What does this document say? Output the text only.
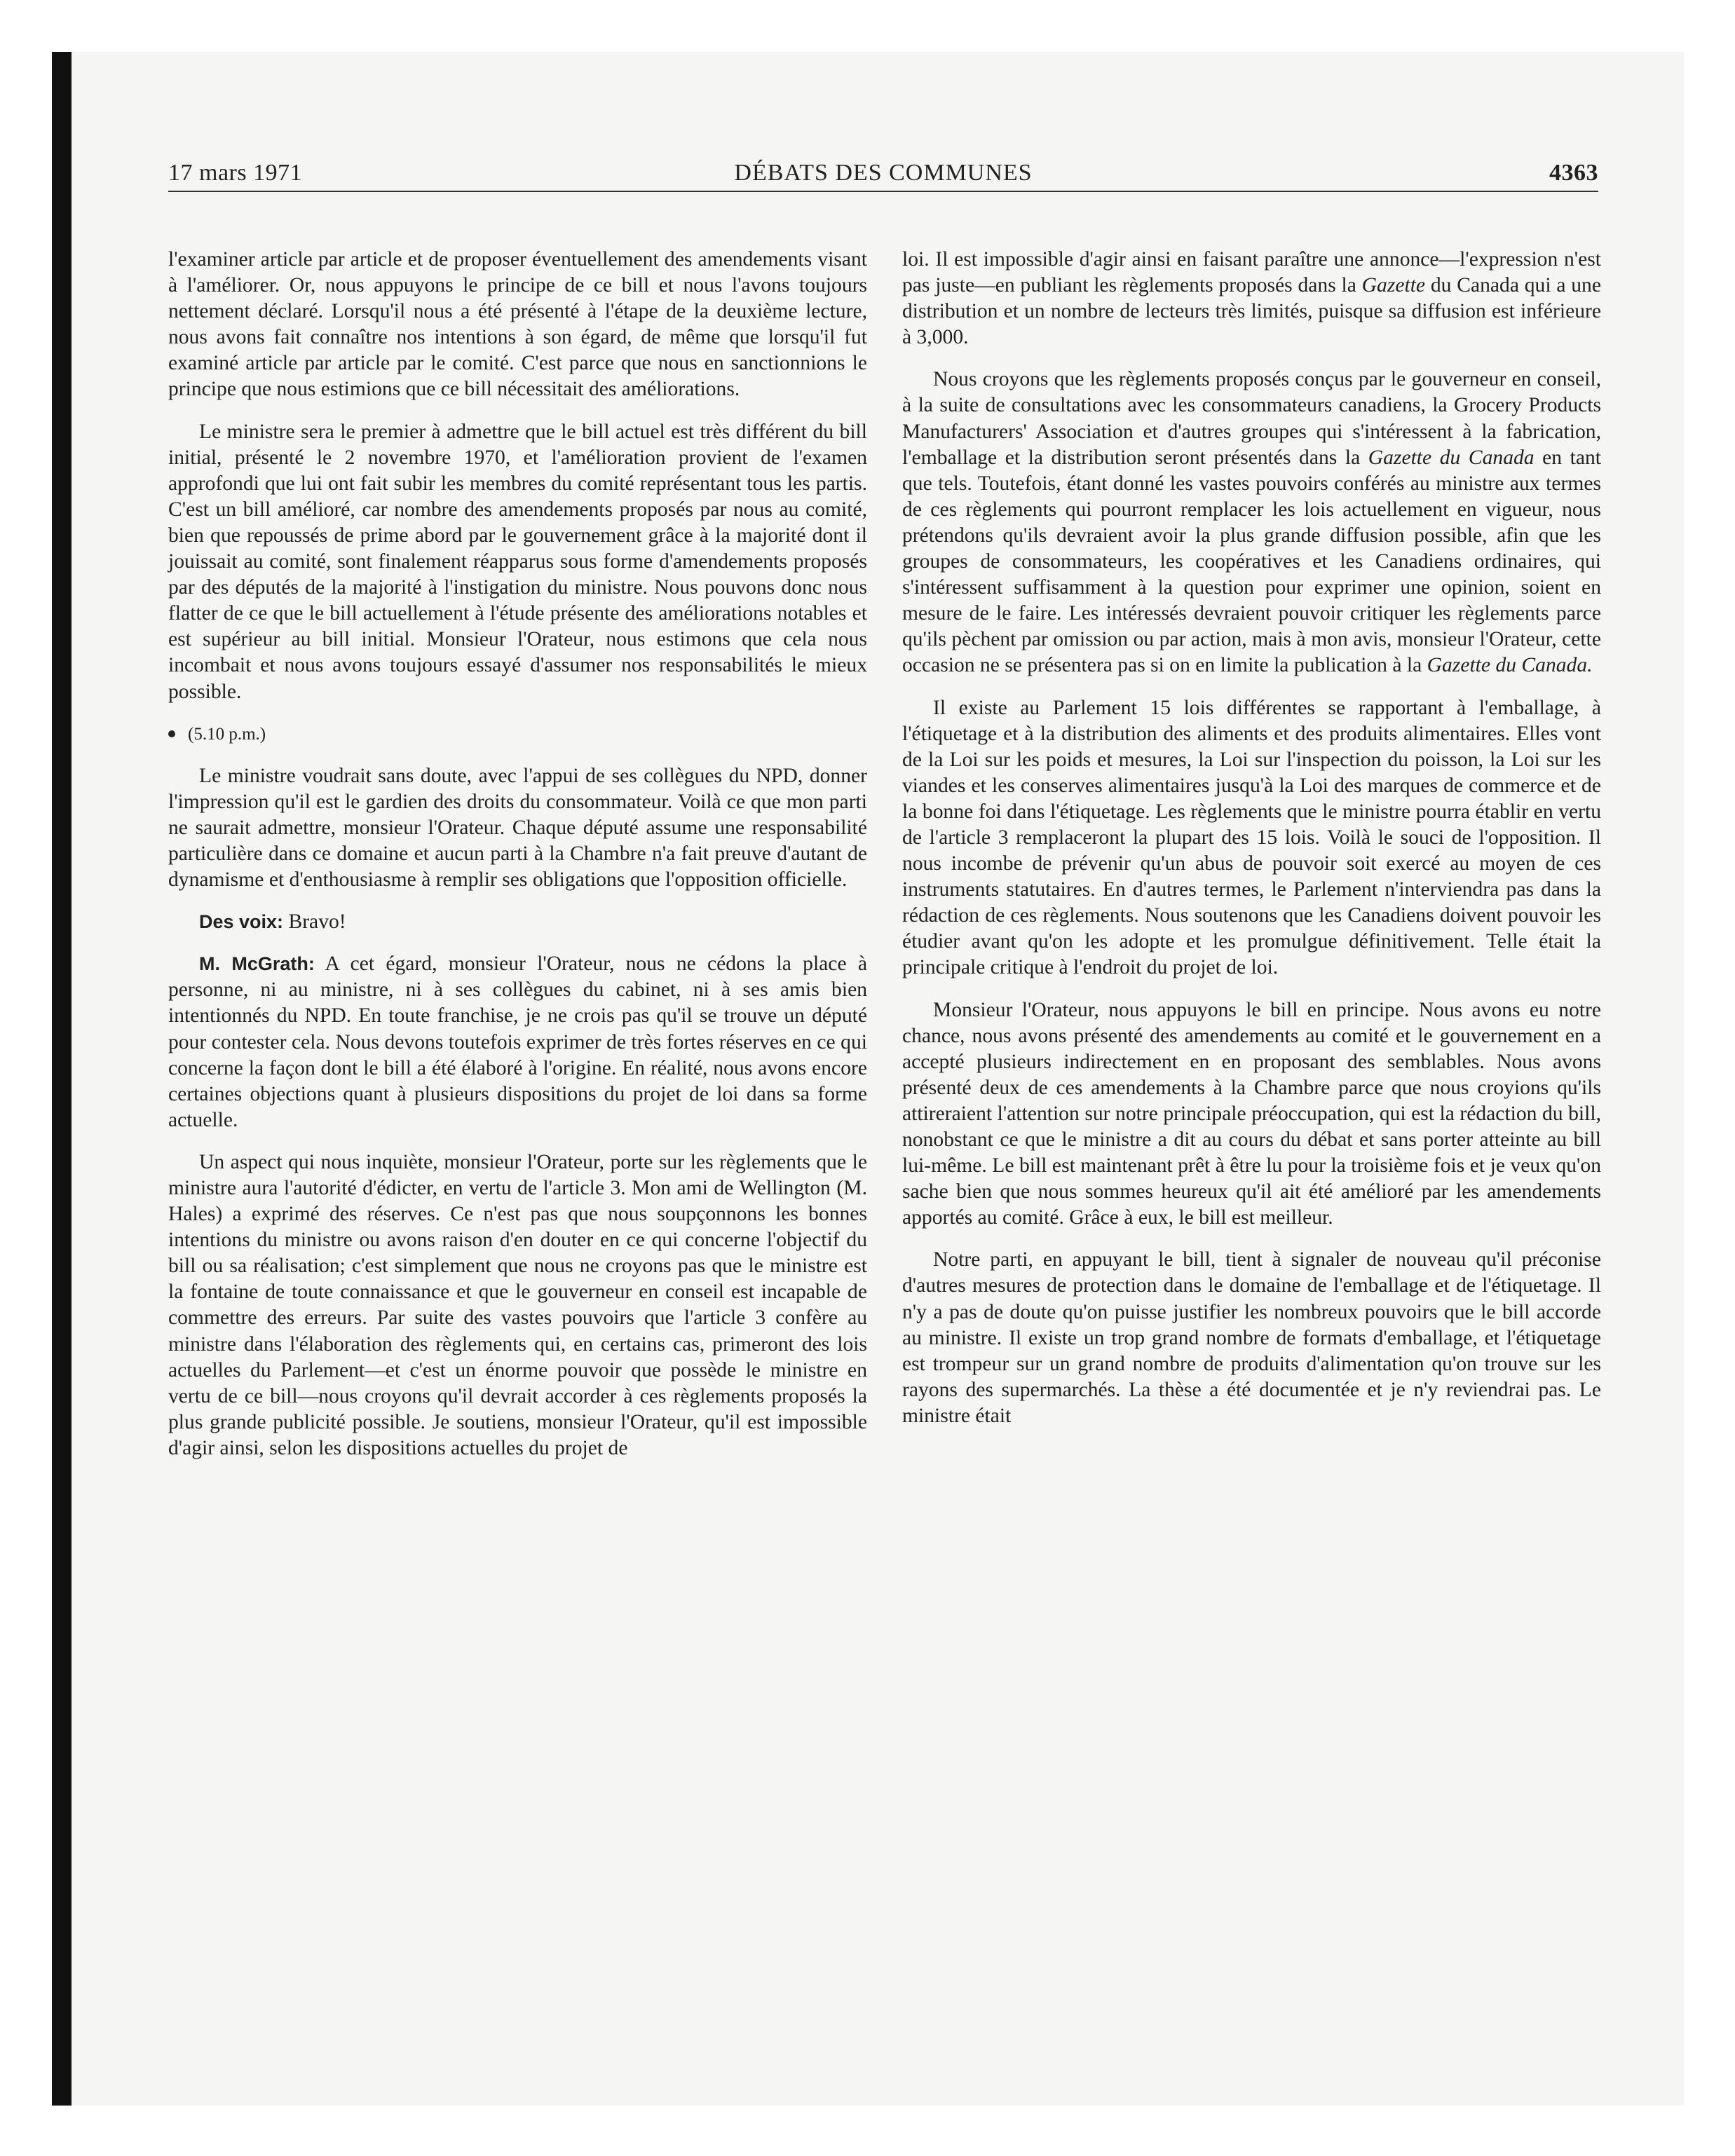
17 mars 1971	DÉBATS DES COMMUNES	4363

l'examiner article par article et de proposer éventuellement des amendements visant à l'améliorer. Or, nous appuyons le principe de ce bill et nous l'avons toujours nettement déclaré. Lorsqu'il nous a été présenté à l'étape de la deuxième lecture, nous avons fait connaître nos intentions à son égard, de même que lorsqu'il fut examiné article par article par le comité. C'est parce que nous en sanctionnions le principe que nous estimions que ce bill nécessitait des améliorations.

Le ministre sera le premier à admettre que le bill actuel est très différent du bill initial, présenté le 2 novembre 1970, et l'amélioration provient de l'examen approfondi que lui ont fait subir les membres du comité représentant tous les partis. C'est un bill amélioré, car nombre des amendements proposés par nous au comité, bien que repoussés de prime abord par le gouvernement grâce à la majorité dont il jouissait au comité, sont finalement réapparus sous forme d'amendements proposés par des députés de la majorité à l'instigation du ministre. Nous pouvons donc nous flatter de ce que le bill actuellement à l'étude présente des améliorations notables et est supérieur au bill initial. Monsieur l'Orateur, nous estimons que cela nous incombait et nous avons toujours essayé d'assumer nos responsabilités le mieux possible.

(5.10 p.m.)

Le ministre voudrait sans doute, avec l'appui de ses collègues du NPD, donner l'impression qu'il est le gardien des droits du consommateur. Voilà ce que mon parti ne saurait admettre, monsieur l'Orateur. Chaque député assume une responsabilité particulière dans ce domaine et aucun parti à la Chambre n'a fait preuve d'autant de dynamisme et d'enthousiasme à remplir ses obligations que l'opposition officielle.

Des voix: Bravo!

M. McGrath: A cet égard, monsieur l'Orateur, nous ne cédons la place à personne, ni au ministre, ni à ses collègues du cabinet, ni à ses amis bien intentionnés du NPD. En toute franchise, je ne crois pas qu'il se trouve un député pour contester cela. Nous devons toutefois exprimer de très fortes réserves en ce qui concerne la façon dont le bill a été élaboré à l'origine. En réalité, nous avons encore certaines objections quant à plusieurs dispositions du projet de loi dans sa forme actuelle.

Un aspect qui nous inquiète, monsieur l'Orateur, porte sur les règlements que le ministre aura l'autorité d'édicter, en vertu de l'article 3. Mon ami de Wellington (M. Hales) a exprimé des réserves. Ce n'est pas que nous soupçonnons les bonnes intentions du ministre ou avons raison d'en douter en ce qui concerne l'objectif du bill ou sa réalisation; c'est simplement que nous ne croyons pas que le ministre est la fontaine de toute connaissance et que le gouverneur en conseil est incapable de commettre des erreurs. Par suite des vastes pouvoirs que l'article 3 confère au ministre dans l'élaboration des règlements qui, en certains cas, primeront des lois actuelles du Parlement—et c'est un énorme pouvoir que possède le ministre en vertu de ce bill—nous croyons qu'il devrait accorder à ces règlements proposés la plus grande publicité possible. Je soutiens, monsieur l'Orateur, qu'il est impossible d'agir ainsi, selon les dispositions actuelles du projet de

loi. Il est impossible d'agir ainsi en faisant paraître une annonce—l'expression n'est pas juste—en publiant les règlements proposés dans la Gazette du Canada qui a une distribution et un nombre de lecteurs très limités, puisque sa diffusion est inférieure à 3,000.

Nous croyons que les règlements proposés conçus par le gouverneur en conseil, à la suite de consultations avec les consommateurs canadiens, la Grocery Products Manufacturers' Association et d'autres groupes qui s'intéressent à la fabrication, l'emballage et la distribution seront présentés dans la Gazette du Canada en tant que tels. Toutefois, étant donné les vastes pouvoirs conférés au ministre aux termes de ces règlements qui pourront remplacer les lois actuellement en vigueur, nous prétendons qu'ils devraient avoir la plus grande diffusion possible, afin que les groupes de consommateurs, les coopératives et les Canadiens ordinaires, qui s'intéressent suffisamment à la question pour exprimer une opinion, soient en mesure de le faire. Les intéressés devraient pouvoir critiquer les règlements parce qu'ils pèchent par omission ou par action, mais à mon avis, monsieur l'Orateur, cette occasion ne se présentera pas si on en limite la publication à la Gazette du Canada.

Il existe au Parlement 15 lois différentes se rapportant à l'emballage, à l'étiquetage et à la distribution des aliments et des produits alimentaires. Elles vont de la Loi sur les poids et mesures, la Loi sur l'inspection du poisson, la Loi sur les viandes et les conserves alimentaires jusqu'à la Loi des marques de commerce et de la bonne foi dans l'étiquetage. Les règlements que le ministre pourra établir en vertu de l'article 3 remplaceront la plupart des 15 lois. Voilà le souci de l'opposition. Il nous incombe de prévenir qu'un abus de pouvoir soit exercé au moyen de ces instruments statutaires. En d'autres termes, le Parlement n'interviendra pas dans la rédaction de ces règlements. Nous soutenons que les Canadiens doivent pouvoir les étudier avant qu'on les adopte et les promulgue définitivement. Telle était la principale critique à l'endroit du projet de loi.

Monsieur l'Orateur, nous appuyons le bill en principe. Nous avons eu notre chance, nous avons présenté des amendements au comité et le gouvernement en a accepté plusieurs indirectement en en proposant des semblables. Nous avons présenté deux de ces amendements à la Chambre parce que nous croyions qu'ils attireraient l'attention sur notre principale préoccupation, qui est la rédaction du bill, nonobstant ce que le ministre a dit au cours du débat et sans porter atteinte au bill lui-même. Le bill est maintenant prêt à être lu pour la troisième fois et je veux qu'on sache bien que nous sommes heureux qu'il ait été amélioré par les amendements apportés au comité. Grâce à eux, le bill est meilleur.

Notre parti, en appuyant le bill, tient à signaler de nouveau qu'il préconise d'autres mesures de protection dans le domaine de l'emballage et de l'étiquetage. Il n'y a pas de doute qu'on puisse justifier les nombreux pouvoirs que le bill accorde au ministre. Il existe un trop grand nombre de formats d'emballage, et l'étiquetage est trompeur sur un grand nombre de produits d'alimentation qu'on trouve sur les rayons des supermarchés. La thèse a été documentée et je n'y reviendrai pas. Le ministre était
